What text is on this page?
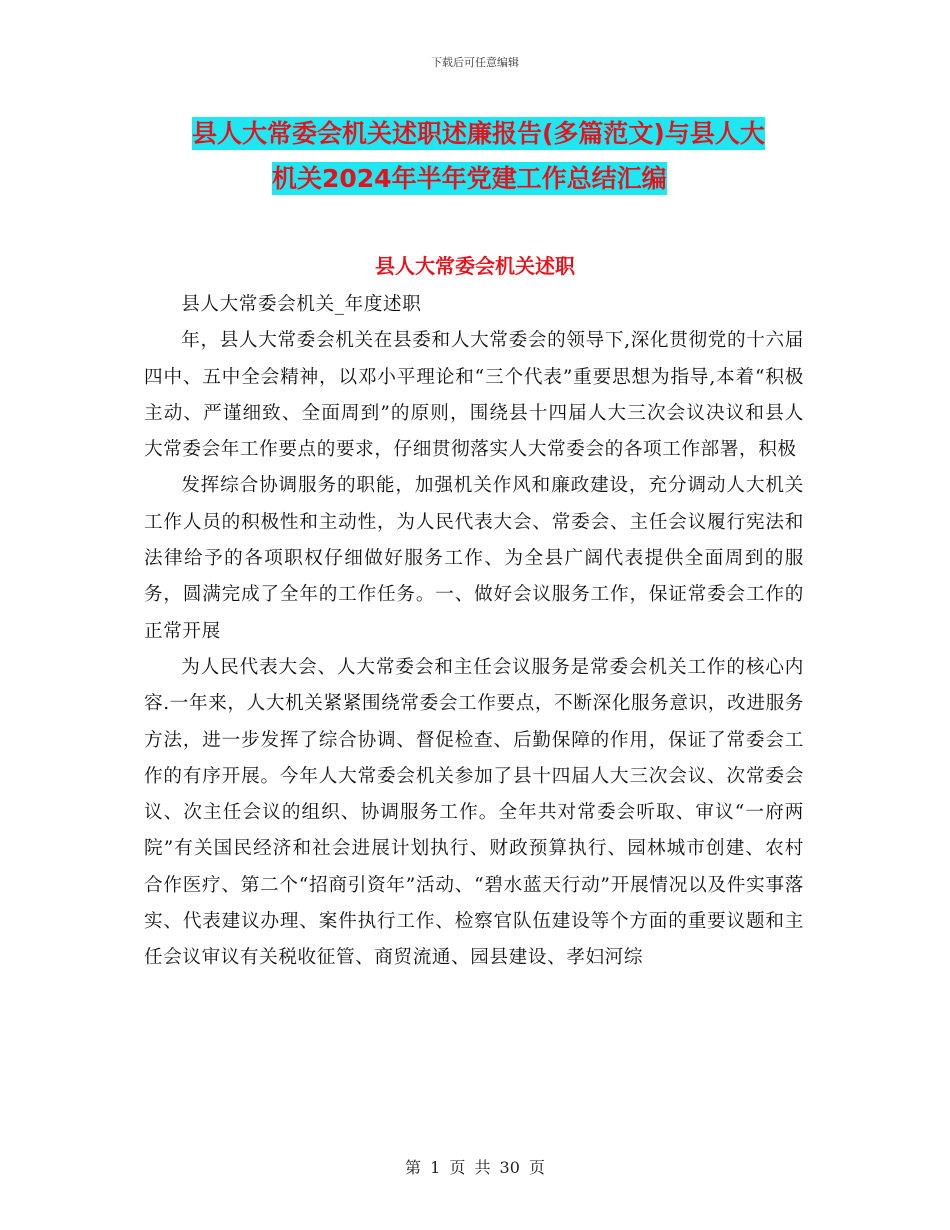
下载后可任意编辑
县人大常委会机关述职述廉报告(多篇范文)与县人大
机关2024年半年党建工作总结汇编
县人大常委会机关述职

县人大常委会机关_年度述职

年，县人大常委会机关在县委和人大常委会的领导下,深化贯彻党的十六届四中、五中全会精神，以邓小平理论和“三个代表”重要思想为指导,本着“积极主动、严谨细致、全面周到”的原则，围绕县十四届人大三次会议决议和县人大常委会年工作要点的要求，仔细贯彻落实人大常委会的各项工作部署，积极

发挥综合协调服务的职能，加强机关作风和廉政建设，充分调动人大机关工作人员的积极性和主动性，为人民代表大会、常委会、主任会议履行宪法和法律给予的各项职权仔细做好服务工作、为全县广阔代表提供全面周到的服务，圆满完成了全年的工作任务。一、做好会议服务工作，保证常委会工作的正常开展

为人民代表大会、人大常委会和主任会议服务是常委会机关工作的核心内容.一年来，人大机关紧紧围绕常委会工作要点，不断深化服务意识，改进服务方法，进一步发挥了综合协调、督促检查、后勤保障的作用，保证了常委会工作的有序开展。今年人大常委会机关参加了县十四届人大三次会议、次常委会议、次主任会议的组织、协调服务工作。全年共对常委会听取、审议“一府两院”有关国民经济和社会进展计划执行、财政预算执行、园林城市创建、农村合作医疗、第二个“招商引资年”活动、“碧水蓝天行动”开展情况以及件实事落实、代表建议办理、案件执行工作、检察官队伍建设等个方面的重要议题和主任会议审议有关税收征管、商贸流通、园县建设、孝妇河综

第 1 页 共 30 页
